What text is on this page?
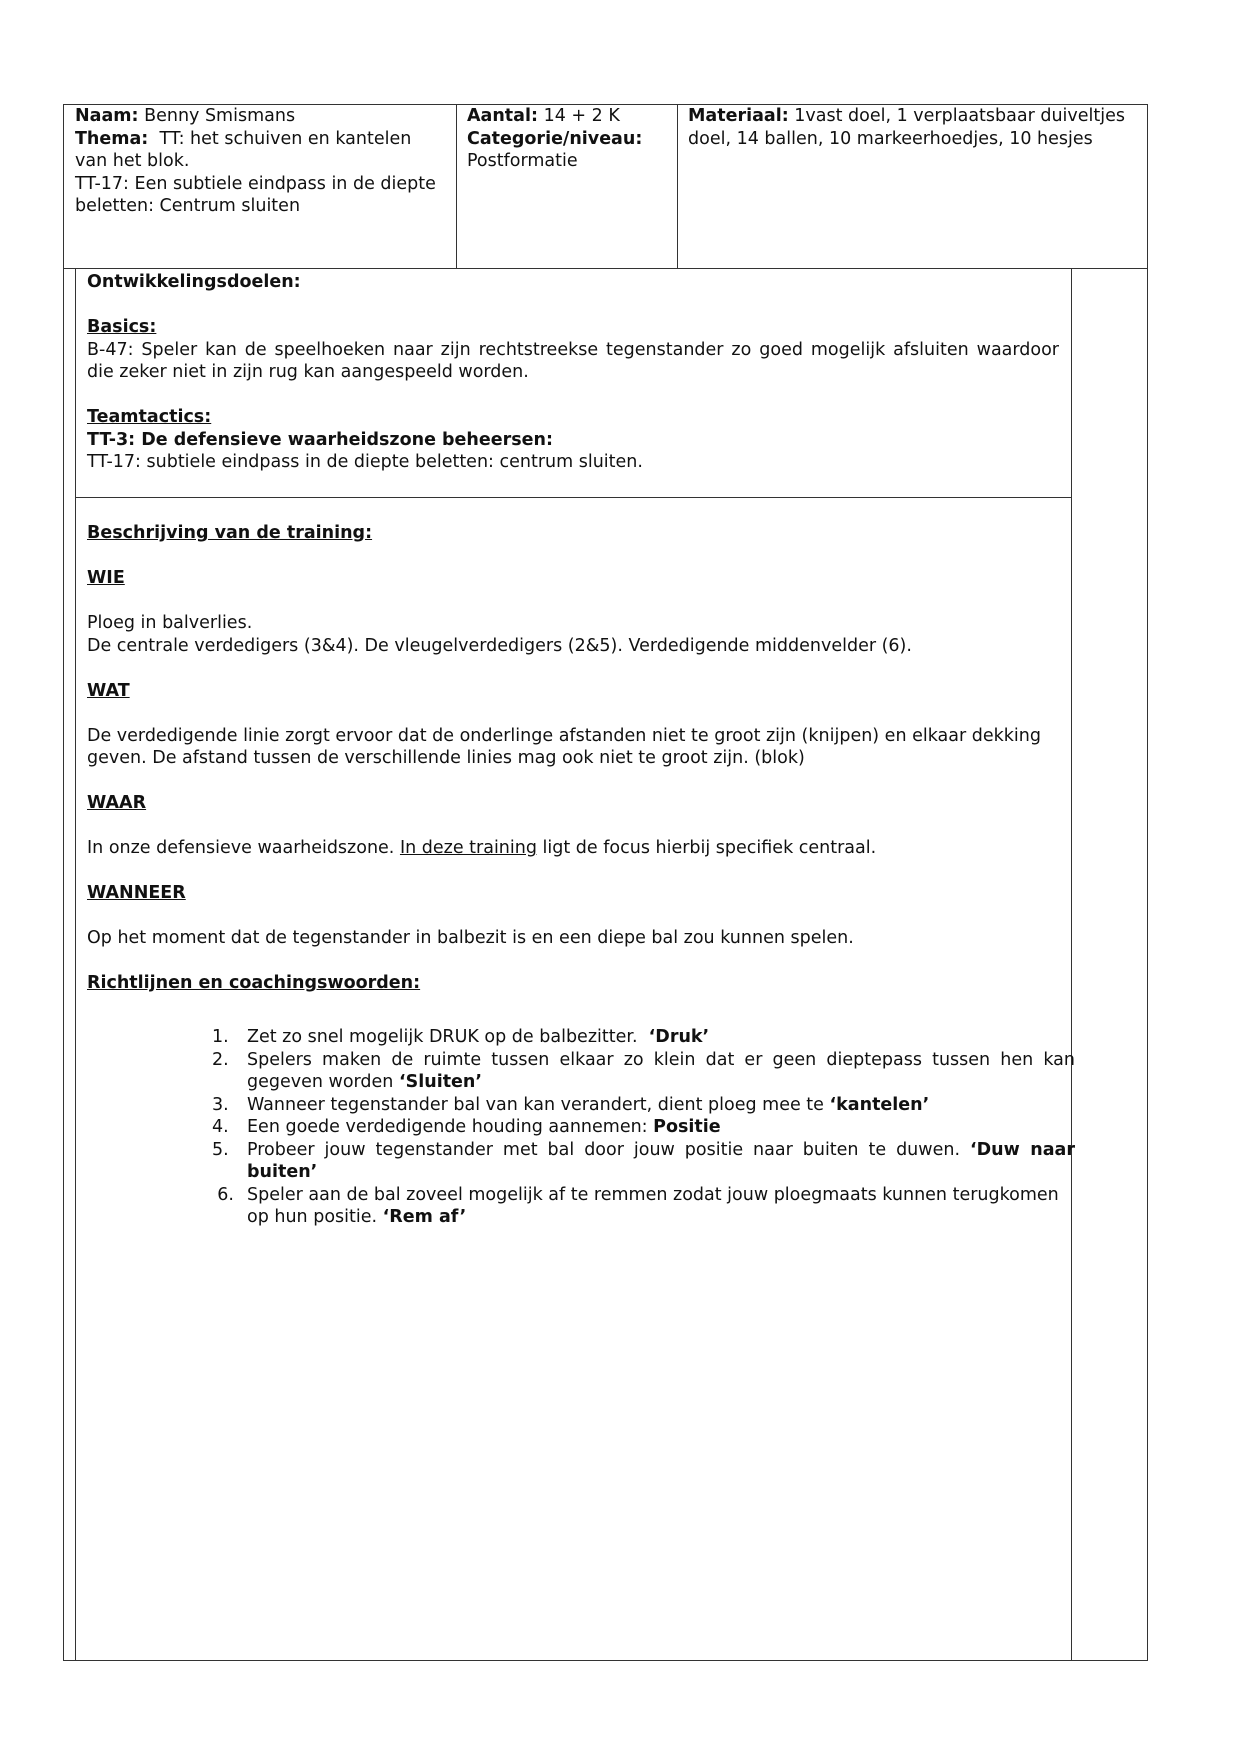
Naam: Benny Smismans

Thema: TT: het schuiven en kantelen van het blok.

TT-17: Een subtiele eindpass in de diepte beletten: Centrum sluiten

Aantal: 14 + 2 K

Categorie/niveau:

Postformatie

Materiaal: 1vast doel, 1 verplaatsbaar duiveltjes doel, 14 ballen, 10 markeerhoedjes, 10 hesjes

Ontwikkelingsdoelen:

Basics:

B-47: Speler kan de speelhoeken naar zijn rechtstreekse tegenstander zo goed mogelijk afsluiten waardoor die zeker niet in zijn rug kan aangespeeld worden.

Teamtactics:

TT-3: De defensieve waarheidszone beheersen:

TT-17: subtiele eindpass in de diepte beletten: centrum sluiten.

Beschrijving van de training:

WIE

Ploeg in balverlies.

De centrale verdedigers (3&4). De vleugelverdedigers (2&5). Verdedigende middenvelder (6).

WAT

De verdedigende linie zorgt ervoor dat de onderlinge afstanden niet te groot zijn (knijpen) en elkaar dekking geven. De afstand tussen de verschillende linies mag ook niet te groot zijn. (blok)

WAAR

In onze defensieve waarheidszone. In deze training ligt de focus hierbij specifiek centraal.

WANNEER

Op het moment dat de tegenstander in balbezit is en een diepe bal zou kunnen spelen.

Richtlijnen en coachingswoorden:

1.	Zet zo snel mogelijk DRUK op de balbezitter. ‘Druk’
2.	Spelers maken de ruimte tussen elkaar zo klein dat er geen dieptepass tussen hen kan gegeven worden ‘Sluiten’
3.	Wanneer tegenstander bal van kan verandert, dient ploeg mee te ‘kantelen’
4.	Een goede verdedigende houding aannemen: Positie
5.	Probeer jouw tegenstander met bal door jouw positie naar buiten te duwen. ‘Duw naar buiten’
6. Speler aan de bal zoveel mogelijk af te remmen zodat jouw ploegmaats kunnen terugkomen op hun positie. ‘Rem af’
